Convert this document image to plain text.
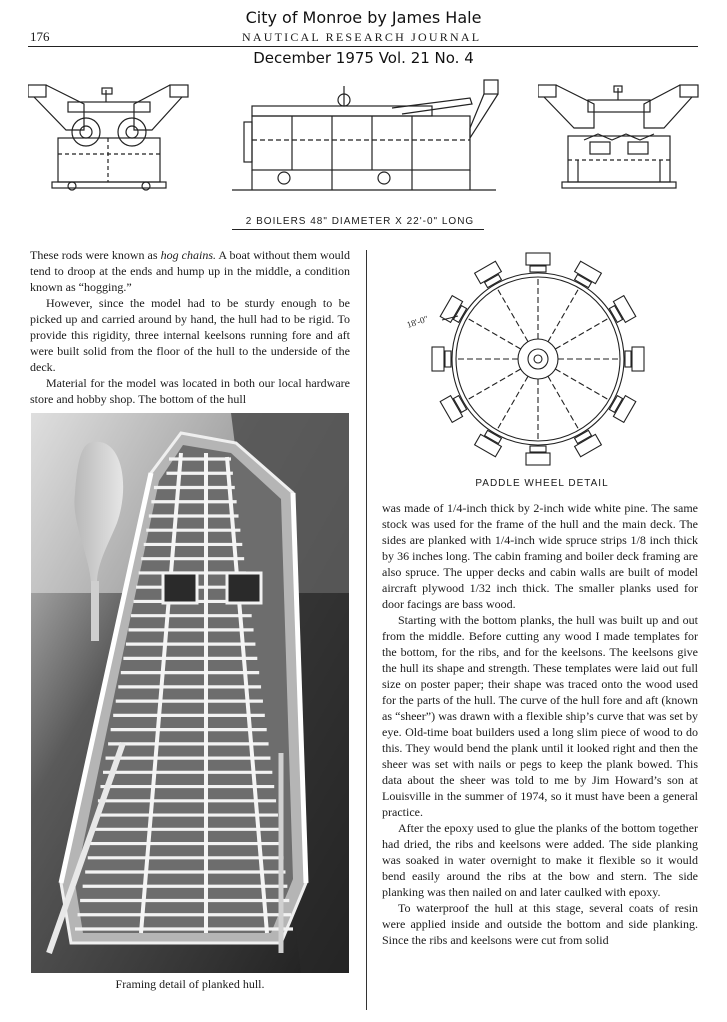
City of Monroe by James Hale
176	NAUTICAL RESEARCH JOURNAL
December 1975 Vol. 21 No. 4
2 BOILERS 48" DIAMETER X 22'-0" LONG
18'-0"
PADDLE WHEEL DETAIL

These rods were known as hog chains. A boat without them would tend to droop at the ends and hump up in the middle, a condition known as “hogging.”

However, since the model had to be sturdy enough to be picked up and carried around by hand, the hull had to be rigid. To provide this rigidity, three internal keelsons running fore and aft were built solid from the floor of the hull to the underside of the deck.

Material for the model was located in both our local hardware store and hobby shop. The bottom of the hull

Framing detail of planked hull.

was made of 1/4-inch thick by 2-inch wide white pine. The same stock was used for the frame of the hull and the main deck. The sides are planked with 1/4-inch wide spruce strips 1/8 inch thick by 36 inches long. The cabin framing and boiler deck framing are also spruce. The upper decks and cabin walls are built of model aircraft plywood 1/32 inch thick. The smaller planks used for door facings are bass wood.

Starting with the bottom planks, the hull was built up and out from the middle. Before cutting any wood I made templates for the bottom, for the ribs, and for the keelsons. The keelsons give the hull its shape and strength. These templates were laid out full size on poster paper; their shape was traced onto the wood used for the parts of the hull. The curve of the hull fore and aft (known as “sheer”) was drawn with a flexible ship’s curve that was set by eye. Old-time boat builders used a long slim piece of wood to do this. They would bend the plank until it looked right and then the sheer was set with nails or pegs to keep the plank bowed. This data about the sheer was told to me by Jim Howard’s son at Louisville in the summer of 1974, so it must have been a general practice.

After the epoxy used to glue the planks of the bottom together had dried, the ribs and keelsons were added. The side planking was soaked in water overnight to make it flexible so it would bend easily around the ribs at the bow and stern. The side planking was then nailed on and later caulked with epoxy.

To waterproof the hull at this stage, several coats of resin were applied inside and outside the bottom and side planking. Since the ribs and keelsons were cut from solid
